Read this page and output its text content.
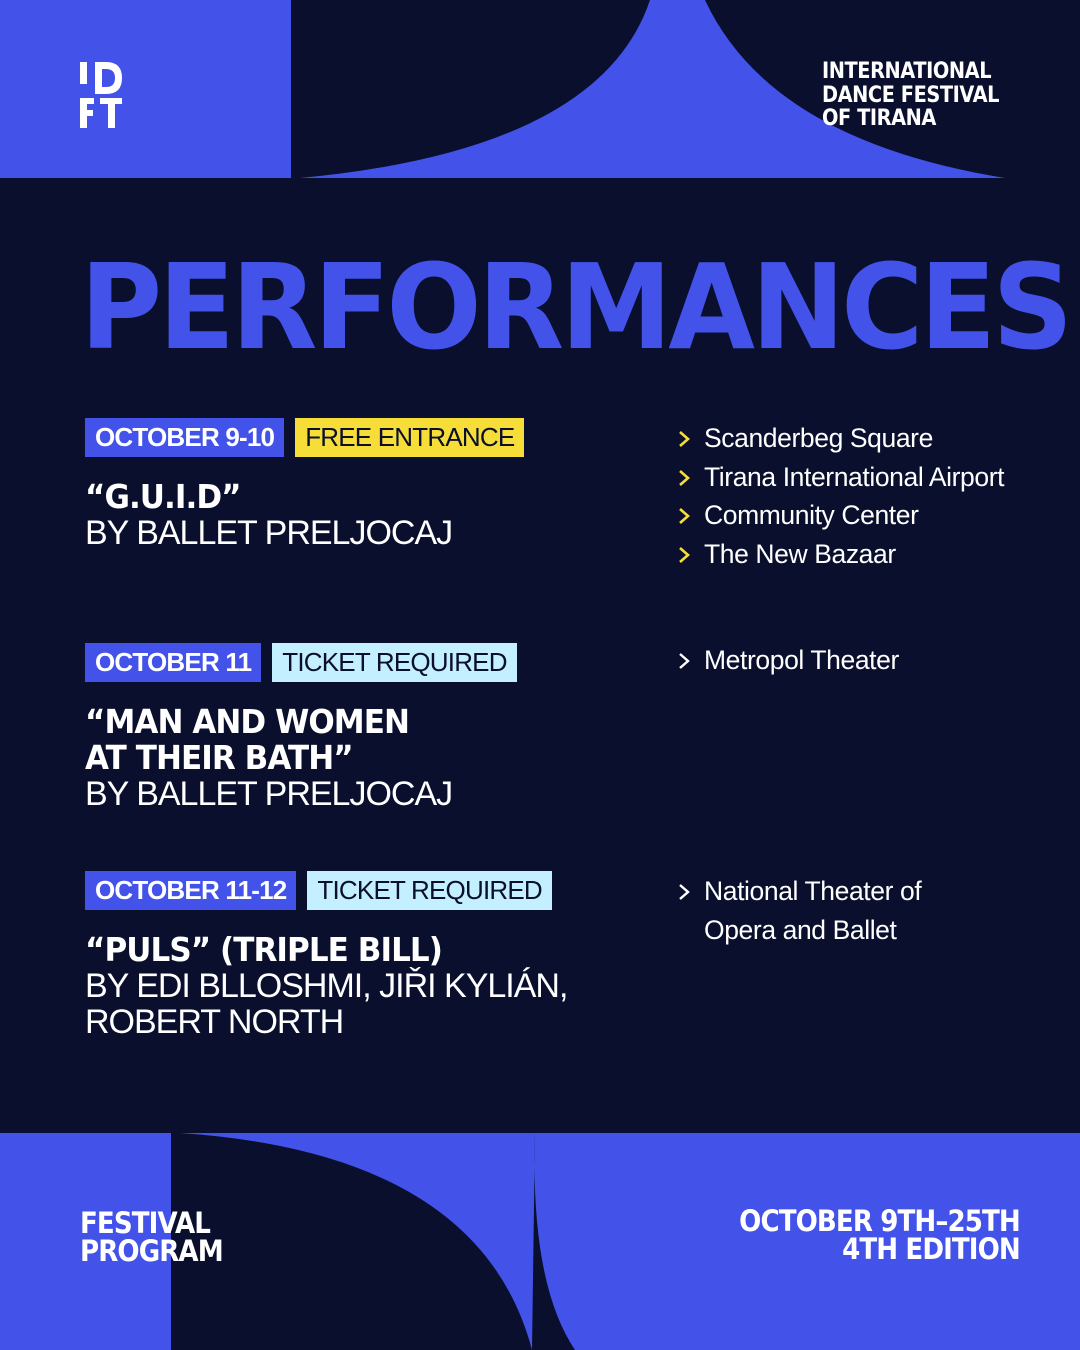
INTERNATIONAL
DANCE FESTIVAL
OF TIRANA
PERFORMANCES
OCTOBER 9-10	FREE ENTRANCE
“G.U.I.D”
BY BALLET PRELJOCAJ
Scanderbeg Square
Tirana International Airport
Community Center
The New Bazaar
OCTOBER 11	TICKET REQUIRED
“MAN AND WOMEN
AT THEIR BATH”
BY BALLET PRELJOCAJ
Metropol Theater
OCTOBER 11-12	TICKET REQUIRED
“PULS” (TRIPLE BILL)
BY EDI BLLOSHMI, JIŘI KYLIÁN,
ROBERT NORTH
National Theater of
Opera and Ballet
FESTIVAL
PROGRAM
OCTOBER 9TH–25TH
4TH EDITION
